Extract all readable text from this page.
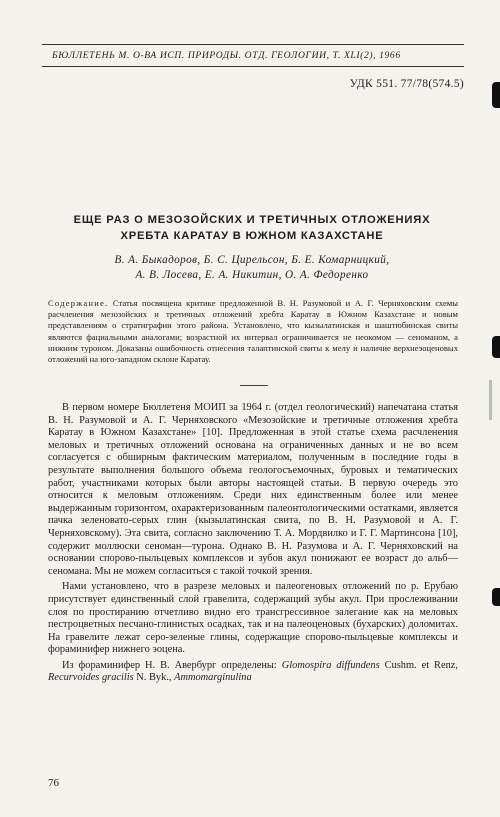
БЮЛЛЕТЕНЬ М. О-ВА ИСП. ПРИРОДЫ. ОТД. ГЕОЛОГИИ, Т. XLI(2), 1966
УДК 551. 77/78(574.5)
ЕЩЕ РАЗ О МЕЗОЗОЙСКИХ И ТРЕТИЧНЫХ ОТЛОЖЕНИЯХ
ХРЕБТА КАРАТАУ В ЮЖНОМ КАЗАХСТАНЕ
В. А. Быкадоров, Б. С. Цирельсон, Б. Е. Комарницкий,
А. В. Лосева, Е. А. Никитин, О. А. Федоренко
Содержание. Статья посвящена критике предложенной В. Н. Разумовой и А. Г. Черняховским схемы расчленения мезозойских и третичных отложений хребта Каратау в Южном Казахстане и новым представлениям о стратиграфии этого района. Установлено, что кызылатинская и шаштюбинская свиты являются фациальными аналогами; возрастной их интервал ограничивается не неокомом — сеноманом, а нижним туроном. Доказаны ошибочность отнесения талаптинской свиты к мелу и наличие верхнеэоценовых отложений на юго-западном склоне Каратау.

В первом номере Бюллетеня МОИП за 1964 г. (отдел геологический) напечатана статья В. Н. Разумовой и А. Г. Черняховского «Мезозойские и третичные отложения хребта Каратау в Южном Казахстане» [10]. Предложенная в этой статье схема расчленения меловых и третичных отложений основана на ограниченных данных и не во всем согласуется с обширным фактическим материалом, полученным в последние годы в результате выполнения большого объема геологосъемочных, буровых и тематических работ, участниками которых были авторы настоящей статьи. В первую очередь это относится к меловым отложениям. Среди них единственным более или менее выдержанным горизонтом, охарактеризованным палеонтологическими остатками, является пачка зеленовато-серых глин (кызылатинская свита, по В. Н. Разумовой и А. Г. Черняховскому). Эта свита, согласно заключению Т. А. Мордвилко и Г. Г. Мартинсона [10], содержит моллюски сеноман—турона. Однако В. Н. Разумова и А. Г. Черняховский на основании спорово-пыльцевых комплексов и зубов акул понижают ее возраст до альб—сеномана. Мы не можем согласиться с такой точкой зрения.

Нами установлено, что в разрезе меловых и палеогеновых отложений по р. Ерубаю присутствует единственный слой гравелита, содержащий зубы акул. При прослеживании слоя по простиранию отчетливо видно его трансгрессивное залегание как на меловых пестроцветных песчано-глинистых осадках, так и на палеоценовых (бухарских) доломитах. На гравелите лежат серо-зеленые глины, содержащие спорово-пыльцевые комплексы и фораминифер нижнего эоцена.

Из фораминифер Н. В. Авербург определены: Glomospira diffundens Cushm. et Renz, Recurvoides gracilis N. Byk., Ammomarginulina

76
